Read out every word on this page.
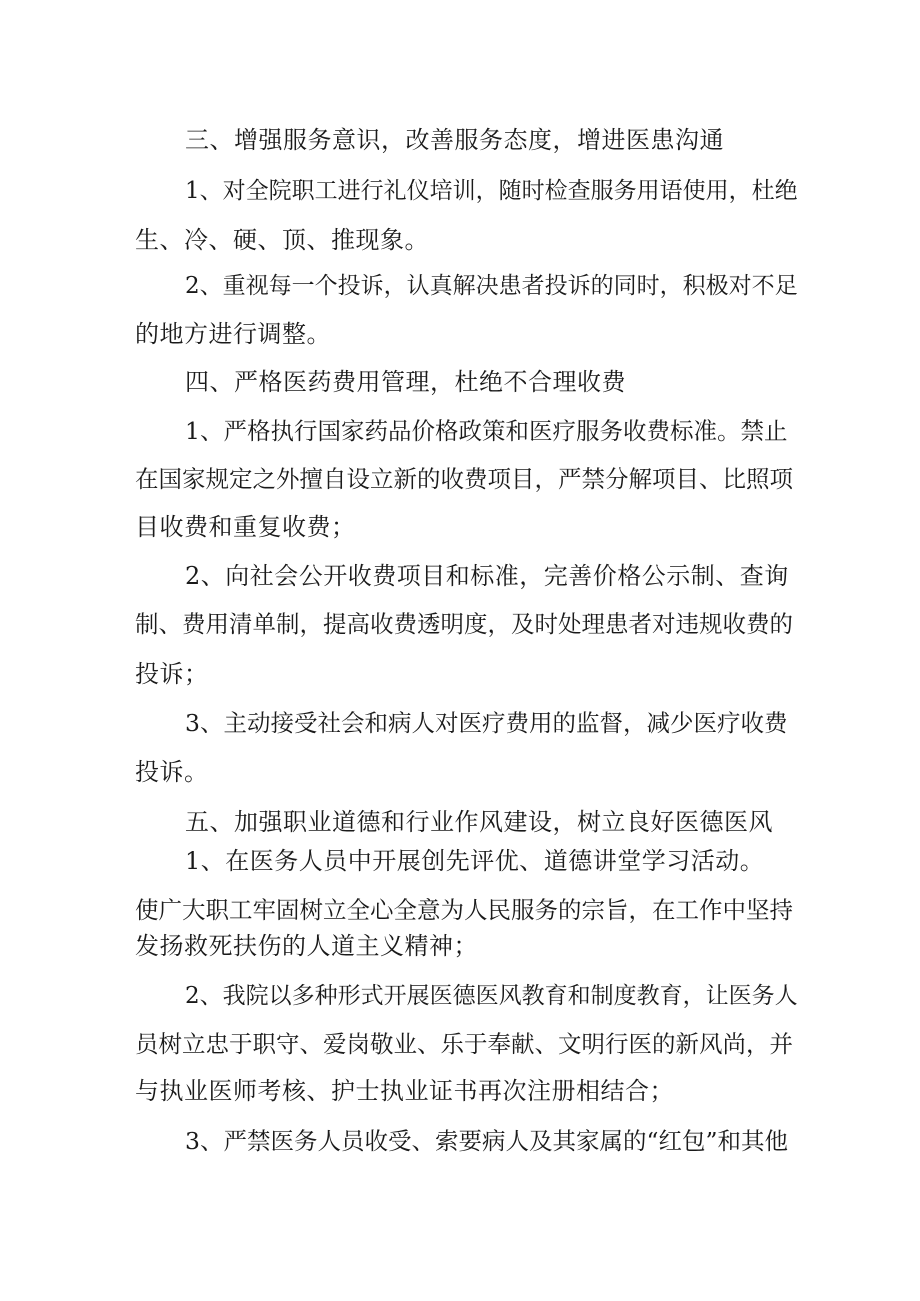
三、增强服务意识，改善服务态度，增进医患沟通

1、对全院职工进行礼仪培训，随时检查服务用语使用，杜绝

生、冷、硬、顶、推现象。

2、重视每一个投诉，认真解决患者投诉的同时，积极对不足

的地方进行调整。

四、严格医药费用管理，杜绝不合理收费

1、严格执行国家药品价格政策和医疗服务收费标准。禁止

在国家规定之外擅自设立新的收费项目，严禁分解项目、比照项

目收费和重复收费；

2、向社会公开收费项目和标准，完善价格公示制、查询

制、费用清单制，提高收费透明度，及时处理患者对违规收费的

投诉；

3、主动接受社会和病人对医疗费用的监督，减少医疗收费

投诉。

五、加强职业道德和行业作风建设，树立良好医德医风

1、在医务人员中开展创先评优、道德讲堂学习活动。

使广大职工牢固树立全心全意为人民服务的宗旨，在工作中坚持

发扬救死扶伤的人道主义精神；

2、我院以多种形式开展医德医风教育和制度教育，让医务人

员树立忠于职守、爱岗敬业、乐于奉献、文明行医的新风尚，并

与执业医师考核、护士执业证书再次注册相结合；

3、严禁医务人员收受、索要病人及其家属的“红包”和其他
